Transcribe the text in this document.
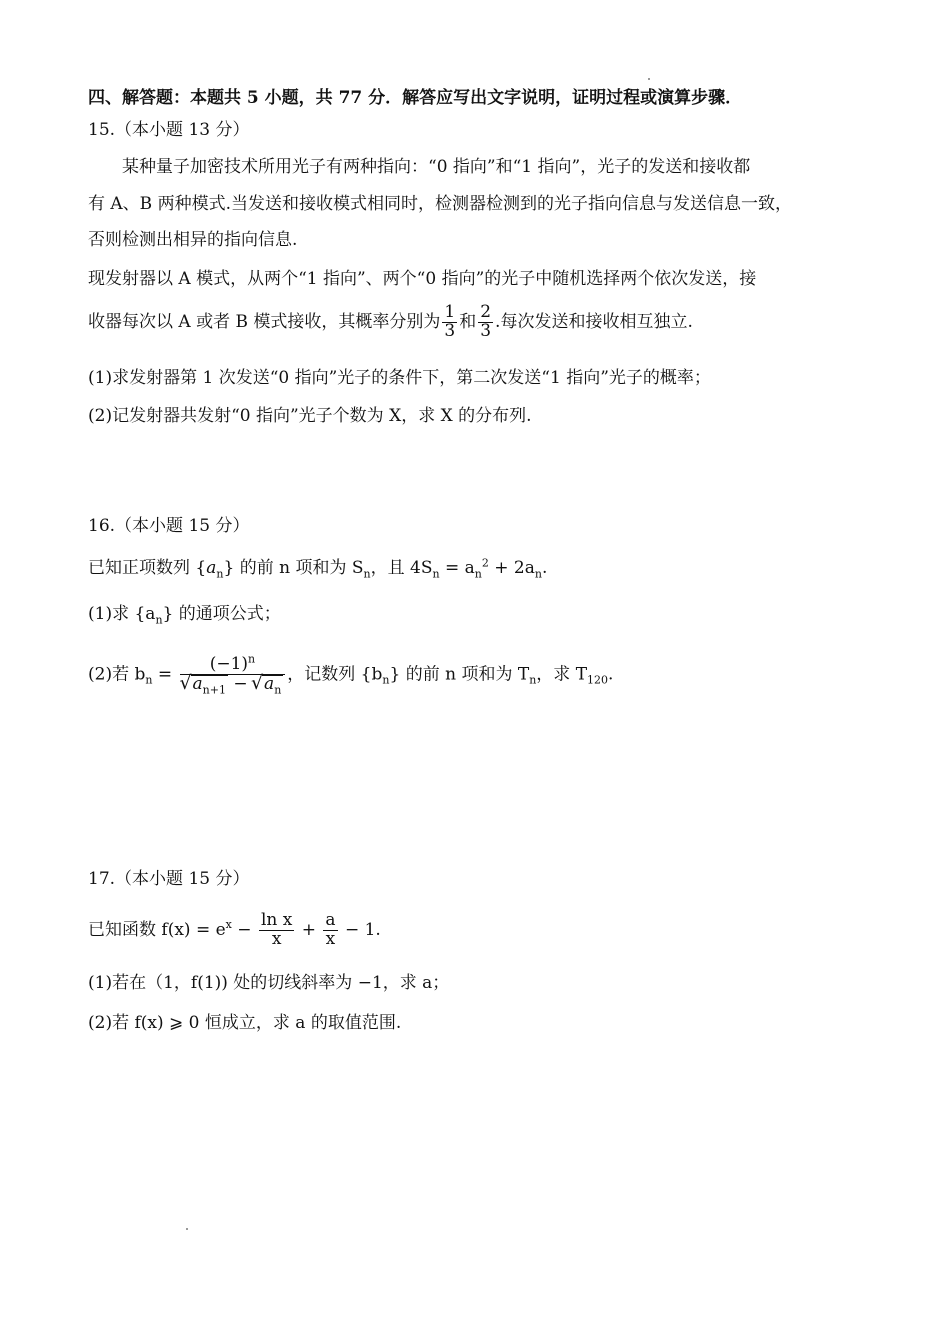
四、解答题：本题共 5 小题，共 77 分．解答应写出文字说明，证明过程或演算步骤．
15.（本小题 13 分）
某种量子加密技术所用光子有两种指向：“0 指向”和“1 指向”，光子的发送和接收都
有 A、B 两种模式.当发送和接收模式相同时，检测器检测到的光子指向信息与发送信息一致，
否则检测出相异的指向信息.
现发射器以 A 模式，从两个“1 指向”、两个“0 指向”的光子中随机选择两个依次发送，接
收器每次以 A 或者 B 模式接收，其概率分别为 $\frac{1}{3}$ 和 $\frac{2}{3}$ .每次发送和接收相互独立.
(1)求发射器第 1 次发送“0 指向”光子的条件下，第二次发送“1 指向”光子的概率；
(2)记发射器共发射“0 指向”光子个数为 X，求 X 的分布列.
16.（本小题 15 分）
已知正项数列 $\{a_n\}$ 的前 n 项和为 $S_n$，且 $4S_n = a_n^2 + 2a_n$.
(1)求 $\{a_n\}$ 的通项公式；
(2)若 $b_n = (-1)^n$
√ $a_{n+1}$ − √ $a_n$ ，记数列 $\{b_n\}$ 的前 n 项和为 $T_n$，求 $T_{120}$.
17.（本小题 15 分）
已知函数 $f(x) = e^x - \frac{\text{ln x}}{x} + \frac{a}{x} - 1$.
(1)若在（1，f(1)) 处的切线斜率为 −1，求 a；
(2)若 f(x) ⩾ 0 恒成立，求 a 的取值范围.
